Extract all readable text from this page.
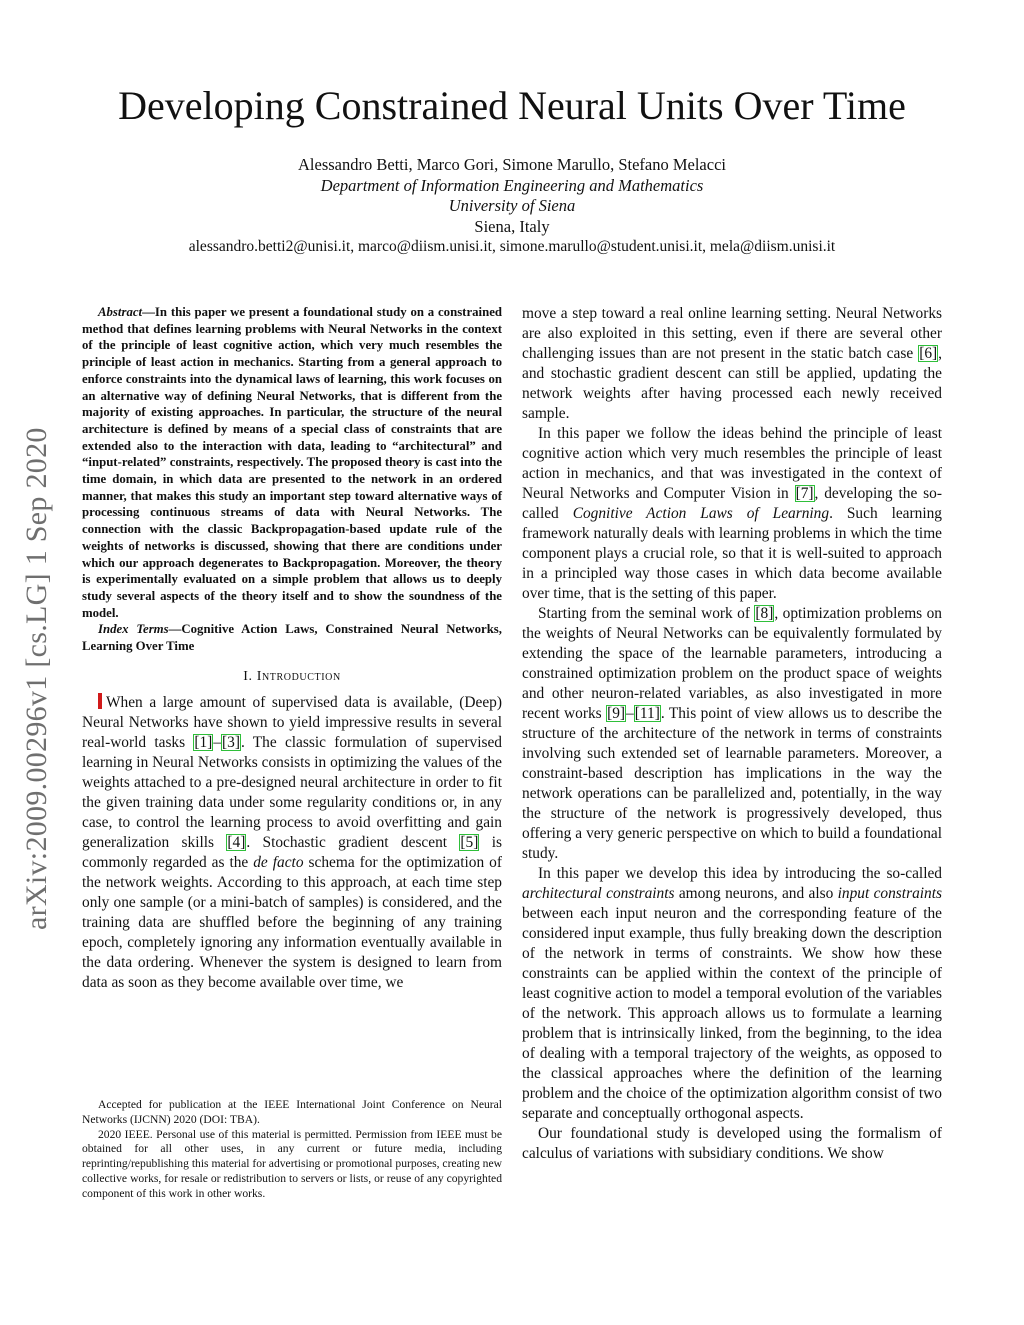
arXiv:2009.00296v1 [cs.LG] 1 Sep 2020
Developing Constrained Neural Units Over Time
Alessandro Betti, Marco Gori, Simone Marullo, Stefano Melacci
Department of Information Engineering and Mathematics
University of Siena
Siena, Italy
alessandro.betti2@unisi.it, marco@diism.unisi.it, simone.marullo@student.unisi.it, mela@diism.unisi.it

Abstract—In this paper we present a foundational study on a constrained method that defines learning problems with Neural Networks in the context of the principle of least cognitive action, which very much resembles the principle of least action in mechanics. Starting from a general approach to enforce constraints into the dynamical laws of learning, this work focuses on an alternative way of defining Neural Networks, that is different from the majority of existing approaches. In particular, the structure of the neural architecture is defined by means of a special class of constraints that are extended also to the interaction with data, leading to “architectural” and “input-related” constraints, respectively. The proposed theory is cast into the time domain, in which data are presented to the network in an ordered manner, that makes this study an important step toward alternative ways of processing continuous streams of data with Neural Networks. The connection with the classic Backpropagation-based update rule of the weights of networks is discussed, showing that there are conditions under which our approach degenerates to Backpropagation. Moreover, the theory is experimentally evaluated on a simple problem that allows us to deeply study several aspects of the theory itself and to show the soundness of the model.

Index Terms—Cognitive Action Laws, Constrained Neural Networks, Learning Over Time

I. Introduction

When a large amount of supervised data is available, (Deep) Neural Networks have shown to yield impressive results in several real-world tasks [1]–[3]. The classic formulation of supervised learning in Neural Networks consists in optimizing the values of the weights attached to a pre-designed neural architecture in order to fit the given training data under some regularity conditions or, in any case, to control the learning process to avoid overfitting and gain generalization skills [4]. Stochastic gradient descent [5] is commonly regarded as the de facto schema for the optimization of the network weights. According to this approach, at each time step only one sample (or a mini-batch of samples) is considered, and the training data are shuffled before the beginning of any training epoch, completely ignoring any information eventually available in the data ordering. Whenever the system is designed to learn from data as soon as they become available over time, we

Accepted for publication at the IEEE International Joint Conference on Neural Networks (IJCNN) 2020 (DOI: TBA).

2020 IEEE. Personal use of this material is permitted. Permission from IEEE must be obtained for all other uses, in any current or future media, including reprinting/republishing this material for advertising or promotional purposes, creating new collective works, for resale or redistribution to servers or lists, or reuse of any copyrighted component of this work in other works.

move a step toward a real online learning setting. Neural Networks are also exploited in this setting, even if there are several other challenging issues than are not present in the static batch case [6], and stochastic gradient descent can still be applied, updating the network weights after having processed each newly received sample.

In this paper we follow the ideas behind the principle of least cognitive action which very much resembles the principle of least action in mechanics, and that was investigated in the context of Neural Networks and Computer Vision in [7], developing the so-called Cognitive Action Laws of Learning. Such learning framework naturally deals with learning problems in which the time component plays a crucial role, so that it is well-suited to approach in a principled way those cases in which data become available over time, that is the setting of this paper.

Starting from the seminal work of [8], optimization problems on the weights of Neural Networks can be equivalently formulated by extending the space of the learnable parameters, introducing a constrained optimization problem on the product space of weights and other neuron-related variables, as also investigated in more recent works [9]–[11]. This point of view allows us to describe the structure of the architecture of the network in terms of constraints involving such extended set of learnable parameters. Moreover, a constraint-based description has implications in the way the network operations can be parallelized and, potentially, in the way the structure of the network is progressively developed, thus offering a very generic perspective on which to build a foundational study.

In this paper we develop this idea by introducing the so-called architectural constraints among neurons, and also input constraints between each input neuron and the corresponding feature of the considered input example, thus fully breaking down the description of the network in terms of constraints. We show how these constraints can be applied within the context of the principle of least cognitive action to model a temporal evolution of the variables of the network. This approach allows us to formulate a learning problem that is intrinsically linked, from the beginning, to the idea of dealing with a temporal trajectory of the weights, as opposed to the classical approaches where the definition of the learning problem and the choice of the optimization algorithm consist of two separate and conceptually orthogonal aspects.

Our foundational study is developed using the formalism of calculus of variations with subsidiary conditions. We show
